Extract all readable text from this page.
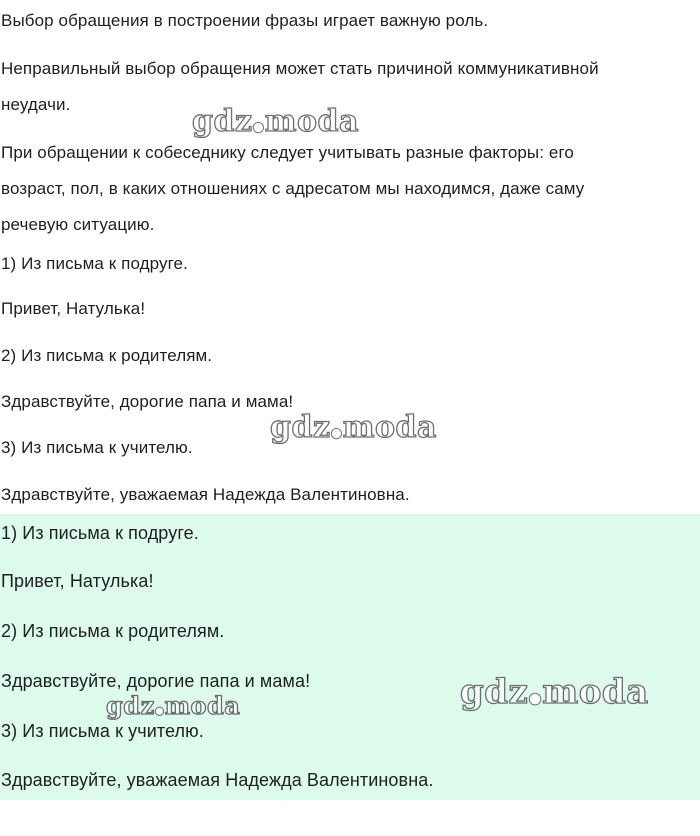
Выбор обращения в построении фразы играет важную роль.

Неправильный выбор обращения может стать причиной коммуникативной

неудачи.

При обращении к собеседнику следует учитывать разные факторы: его

возраст, пол, в каких отношениях с адресатом мы находимся, даже саму

речевую ситуацию.

1) Из письма к подруге.

Привет, Натулька!

2) Из письма к родителям.

Здравствуйте, дорогие папа и мама!

3) Из письма к учителю.

Здравствуйте, уважаемая Надежда Валентиновна.

1) Из письма к подруге.

Привет, Натулька!

2) Из письма к родителям.

Здравствуйте, дорогие папа и мама!

3) Из письма к учителю.

Здравствуйте, уважаемая Надежда Валентиновна.

gdz●moda
gdz●moda
gdz●moda
gdz●moda
